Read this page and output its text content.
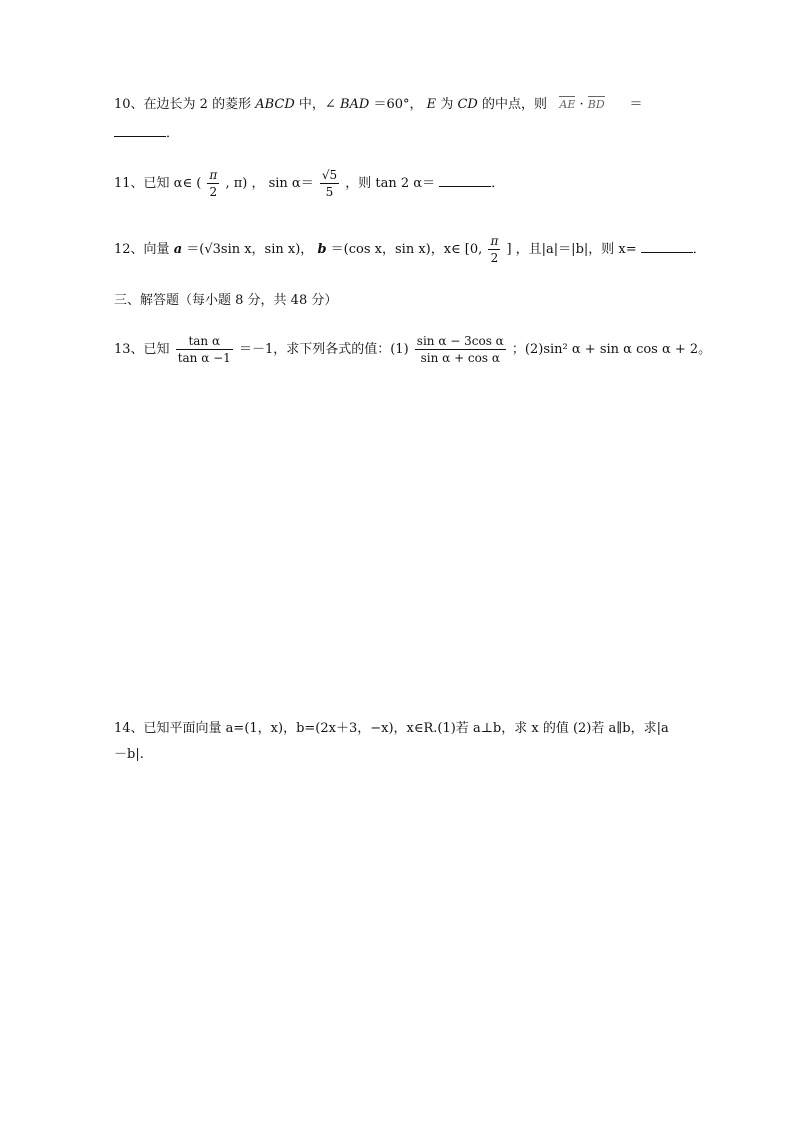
10、在边长为 2 的菱形 ABCD 中，∠ BAD ＝60°， E 为 CD 的中点，则 AE · BD ＝
．
11、已知 α∈ ( $\frac{\pi}{2}$ , π) ， $\sin \alpha= \frac{√5}{5}$ ，则 tan 2 α＝	．
12、向量 a ＝(√3sin x，sin x)， b ＝(cos x，sin x)，x∈ [0, $\frac{\pi}{2}$ ] ，且|a|＝|b|，则 x=	．
三、解答题（每小题 8 分，共 48 分）
13、已知 $\frac{\text{tan α}}{\text{tan α −1}} =-1$，求下列各式的值：$(1) \frac{\text{sin α − 3cos α}}{\text{sin α + cos α}}$ ；(2)sin² α + sin α cos α + 2。
14、已知平面向量 a=(1，x)，b=(2x＋3，−x)，x∈R.(1)若 a⊥b，求 x 的值 (2)若 a∥b，求|a
－b|.
